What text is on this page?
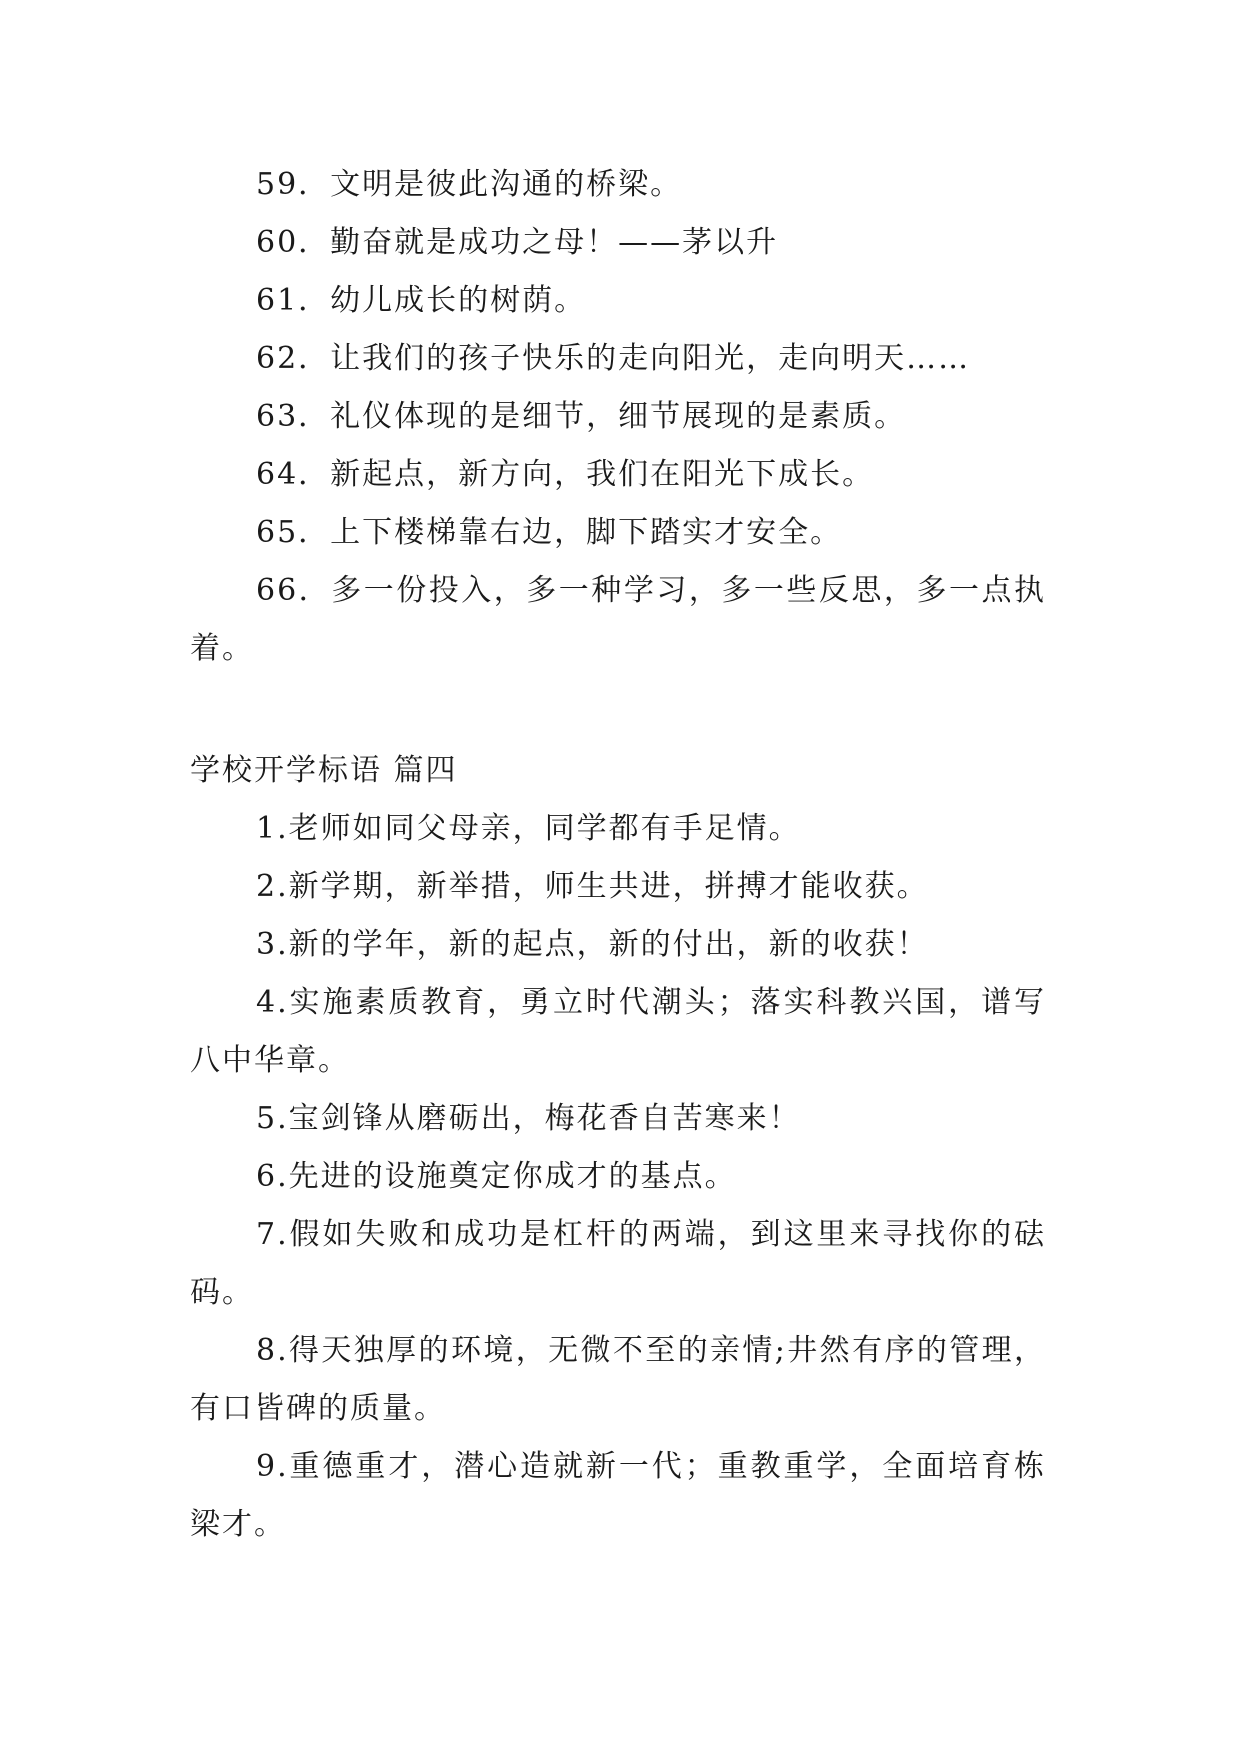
59．文明是彼此沟通的桥梁。

60．勤奋就是成功之母！——茅以升

61．幼儿成长的树荫。

62．让我们的孩子快乐的走向阳光，走向明天……

63．礼仪体现的是细节，细节展现的是素质。

64．新起点，新方向，我们在阳光下成长。

65．上下楼梯靠右边，脚下踏实才安全。

66．多一份投入，多一种学习，多一些反思，多一点执着。

学校开学标语 篇四

1.老师如同父母亲，同学都有手足情。

2.新学期，新举措，师生共进，拼搏才能收获。

3.新的学年，新的起点，新的付出，新的收获！

4.实施素质教育，勇立时代潮头；落实科教兴国，谱写八中华章。

5.宝剑锋从磨砺出，梅花香自苦寒来！

6.先进的设施奠定你成才的基点。

7.假如失败和成功是杠杆的两端，到这里来寻找你的砝码。

8.得天独厚的环境，无微不至的亲情;井然有序的管理，有口皆碑的质量。

9.重德重才，潜心造就新一代；重教重学，全面培育栋梁才。
